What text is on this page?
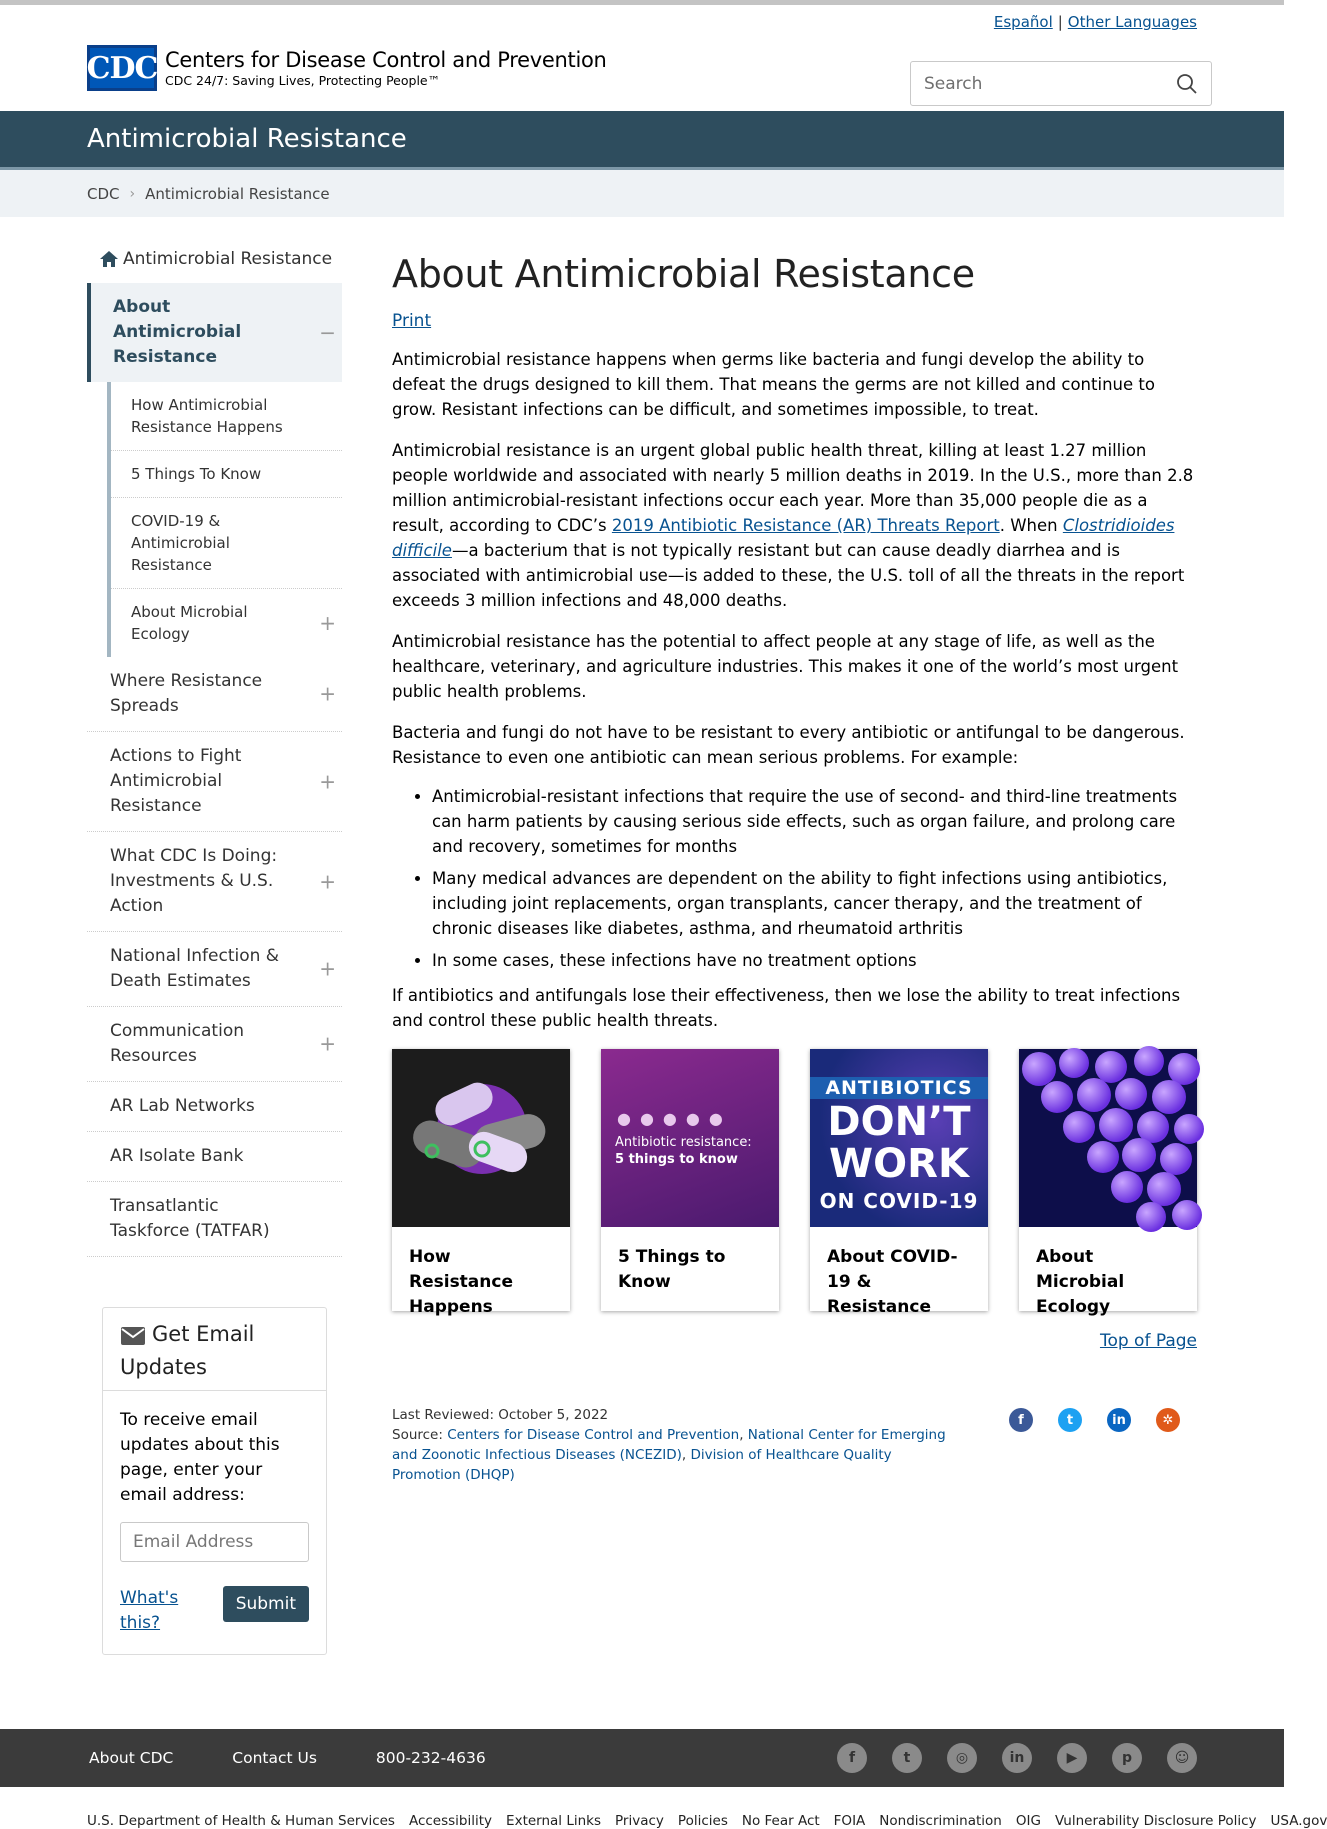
Español | Other Languages
CDC Centers for Disease Control and Prevention
CDC 24/7: Saving Lives, Protecting People™
Search
Antimicrobial Resistance
CDC › Antimicrobial Resistance
Antimicrobial Resistance
About Antimicrobial Resistance
−
How Antimicrobial Resistance Happens
5 Things To Know
COVID-19 & Antimicrobial Resistance
About Microbial Ecology	+
Where Resistance Spreads
+
Actions to Fight Antimicrobial Resistance
+
What CDC Is Doing: Investments & U.S. Action
+
National Infection & Death Estimates
+
Communication Resources
+
AR Lab Networks
AR Isolate Bank
Transatlantic Taskforce (TATFAR)
Get Email Updates

To receive email updates about this page, enter your email address:

Email Address
What's this?
Submit
About Antimicrobial Resistance
Print

Antimicrobial resistance happens when germs like bacteria and fungi develop the ability to defeat the drugs designed to kill them. That means the germs are not killed and continue to grow. Resistant infections can be difficult, and sometimes impossible, to treat.

Antimicrobial resistance is an urgent global public health threat, killing at least 1.27 million people worldwide and associated with nearly 5 million deaths in 2019. In the U.S., more than 2.8 million antimicrobial-resistant infections occur each year. More than 35,000 people die as a result, according to CDC’s 2019 Antibiotic Resistance (AR) Threats Report. When Clostridioides difficile—a bacterium that is not typically resistant but can cause deadly diarrhea and is associated with antimicrobial use—is added to these, the U.S. toll of all the threats in the report exceeds 3 million infections and 48,000 deaths.

Antimicrobial resistance has the potential to affect people at any stage of life, as well as the healthcare, veterinary, and agriculture industries. This makes it one of the world’s most urgent public health problems.

Bacteria and fungi do not have to be resistant to every antibiotic or antifungal to be dangerous. Resistance to even one antibiotic can mean serious problems. For example:

• Antimicrobial-resistant infections that require the use of second- and third-line treatments can harm patients by causing serious side effects, such as organ failure, and prolong care and recovery, sometimes for months
• Many medical advances are dependent on the ability to fight infections using antibiotics, including joint replacements, organ transplants, cancer therapy, and the treatment of chronic diseases like diabetes, asthma, and rheumatoid arthritis
• In some cases, these infections have no treatment options

If antibiotics and antifungals lose their effectiveness, then we lose the ability to treat infections and control these public health threats.

How Resistance Happens
●●●●●
Antibiotic resistance:
5 things to know
5 Things to Know
ANTIBIOTICS
DON’T
WORK
ON COVID-19
About COVID-19 & Resistance
About Microbial Ecology
Top of Page
Last Reviewed: October 5, 2022
Source: Centers for Disease Control and Prevention, National Center for Emerging and Zoonotic Infectious Diseases (NCEZID), Division of Healthcare Quality Promotion (DHQP)
f	t	in	✲
About CDC	Contact Us	800-232-4636	f	t	◎	in	▶	p	☺
U.S. Department of Health & Human Services Accessibility External Links Privacy Policies No Fear Act FOIA Nondiscrimination OIG Vulnerability Disclosure Policy USA.gov
